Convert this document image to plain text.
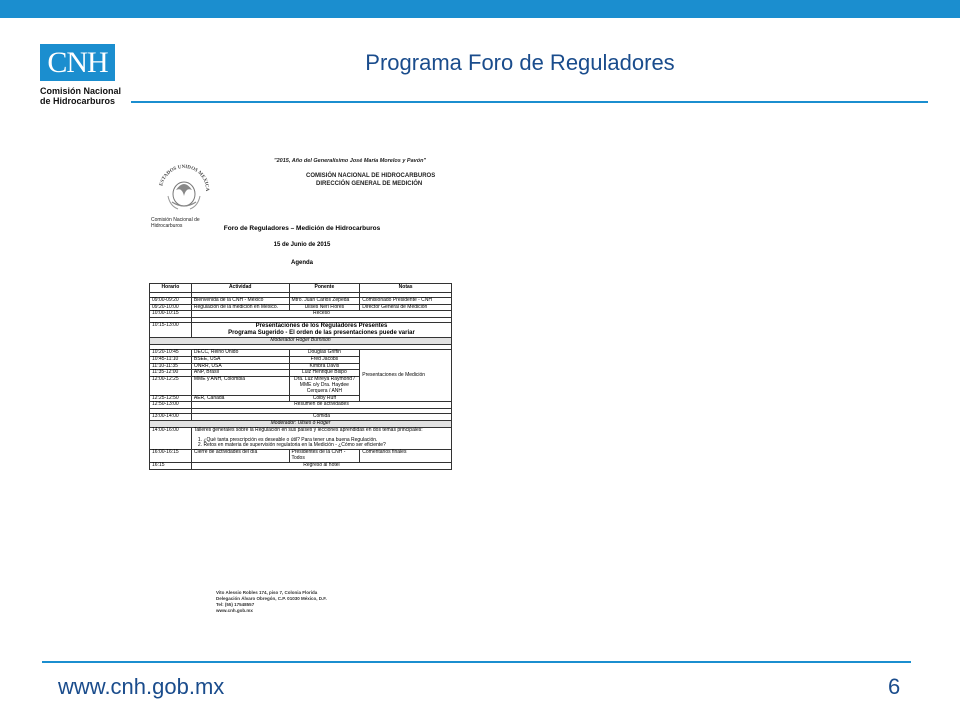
CNH
Comisión Nacional
de Hidrocarburos
Programa Foro de Reguladores
ESTADOS UNIDOS MEXICA
Comisión Nacional de
Hidrocarburos
"2015, Año del Generalísimo José María Morelos y Pavón"
COMISIÓN NACIONAL DE HIDROCARBUROS
DIRECCIÓN GENERAL DE MEDICIÓN
Foro de Reguladores – Medición de Hidrocarburos
15 de Junio de 2015
Agenda
Horario	Actividad	Ponente	Notas

09:00-09:20	Bienvenida de la CNH - México	Mtro. Juan Carlos Zepeda	Comisionado Presidente - CNH
09:20-10:00	Regulación de la medición en México.	Ulises Neri Flores	Director General de Medición
10:00-10:15	Receso		

10:15-13:00	Presentaciones de los Reguladores Presentes
Programa Sugerido - El orden de las presentaciones puede variar		

Moderador Roger Burnison			

10:20-10:45	DECC, Reino Unido	Douglas Griffin	Presentaciones de Medición
10:45-11:10	BSEE, USA	Fred Jacobs	
11:10-11:35	ONRR, USA	Kimbra Davis	
11:35-12:00	ANP, Brasil	Luiz Henrique Bispo	
12:00-12:25	MME y ANH, Colombia	Dra. Luz Mireya Raymond / MME o/y Dra. Haydee Cerquera / ANH	
12:25-12:50	AER, Canadá	Colby Ruff	
12:50-13:00	Resumen de actividades		

13:00-14:00	Comida		
Moderador: Ulises ó Roger			
14:00-16:00	Talleres generales sobre la Regulación en sus países y lecciones aprendidas en dos temas principales:
1. ¿Qué tanta prescripción es deseable o útil? Para tener una buena Regulación.
2. Retos en materia de supervisión regulatoria en la Medición - ¿Cómo ser eficiente?		

16:00-16:15	Cierre de actividades del día	Presidentes de la CNH - Todos	Comentarios finales
16:15	Regreso al hotel		
Vito Alessio Robles 174, piso 7, Colonia Florida
Delegación Álvaro Obregón, C.P. 01030 México, D.F.
Tel: (55) 17548557
www.cnh.gob.mx
www.cnh.gob.mx	6
